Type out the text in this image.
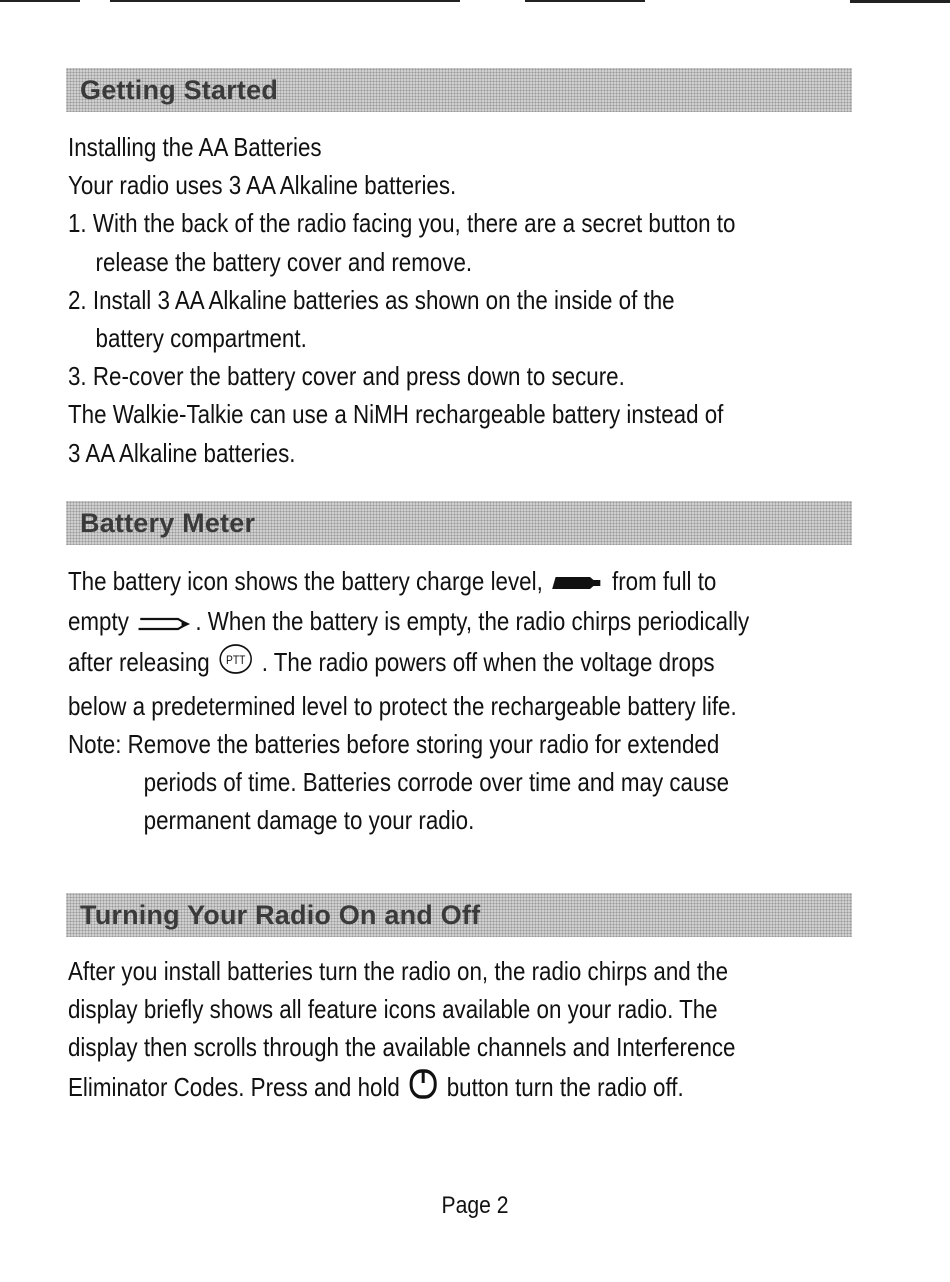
Getting Started
Installing the AA Batteries
Your radio uses 3 AA Alkaline batteries.
1. With the back of the radio facing you, there are a secret button to
release the battery cover and remove.
2. Install 3 AA Alkaline batteries as shown on the inside of the
battery compartment.
3. Re-cover the battery cover and press down to secure.
The Walkie-Talkie can use a NiMH rechargeable battery instead of
3 AA Alkaline batteries.
Battery Meter
The battery icon shows the battery charge level,	from full to
empty	. When the battery is empty, the radio chirps periodically
after releasing PTT . The radio powers off when the voltage drops
below a predetermined level to protect the rechargeable battery life.
Note: Remove the batteries before storing your radio for extended
periods of time. Batteries corrode over time and may cause
permanent damage to your radio.
Turning Your Radio On and Off
After you install batteries turn the radio on, the radio chirps and the
display briefly shows all feature icons available on your radio. The
display then scrolls through the available channels and Interference
Eliminator Codes. Press and hold button turn the radio off.
Page 2
